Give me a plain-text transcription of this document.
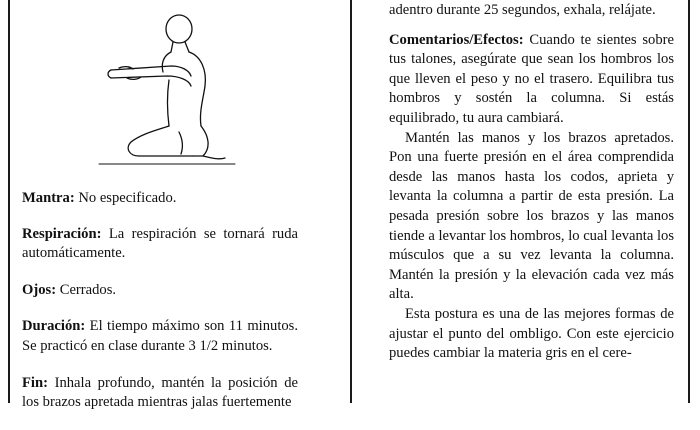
Mantra: No especificado.

Respiración: La respiración se tornará ruda automáticamente.

Ojos: Cerrados.

Duración: El tiempo máximo son 11 minutos. Se practicó en clase durante 3 1/2 minutos.

Fin: Inhala profundo, mantén la posición de los brazos apretada mientras jalas fuertemente

adentro durante 25 segundos, exhala, relájate.

Comentarios/Efectos: Cuando te sientes sobre tus talones, asegúrate que sean los hombros los que lleven el peso y no el trasero. Equilibra tus hombros y sostén la columna. Si estás equilibrado, tu aura cambiará.

Mantén las manos y los brazos apretados. Pon una fuerte presión en el área comprendida desde las manos hasta los codos, aprieta y levanta la columna a partir de esta presión. La pesada presión sobre los brazos y las manos tiende a levantar los hombros, lo cual levanta los músculos que a su vez levanta la columna. Mantén la presión y la elevación cada vez más alta.

Esta postura es una de las mejores formas de ajustar el punto del ombligo. Con este ejercicio puedes cambiar la materia gris en el cere-
